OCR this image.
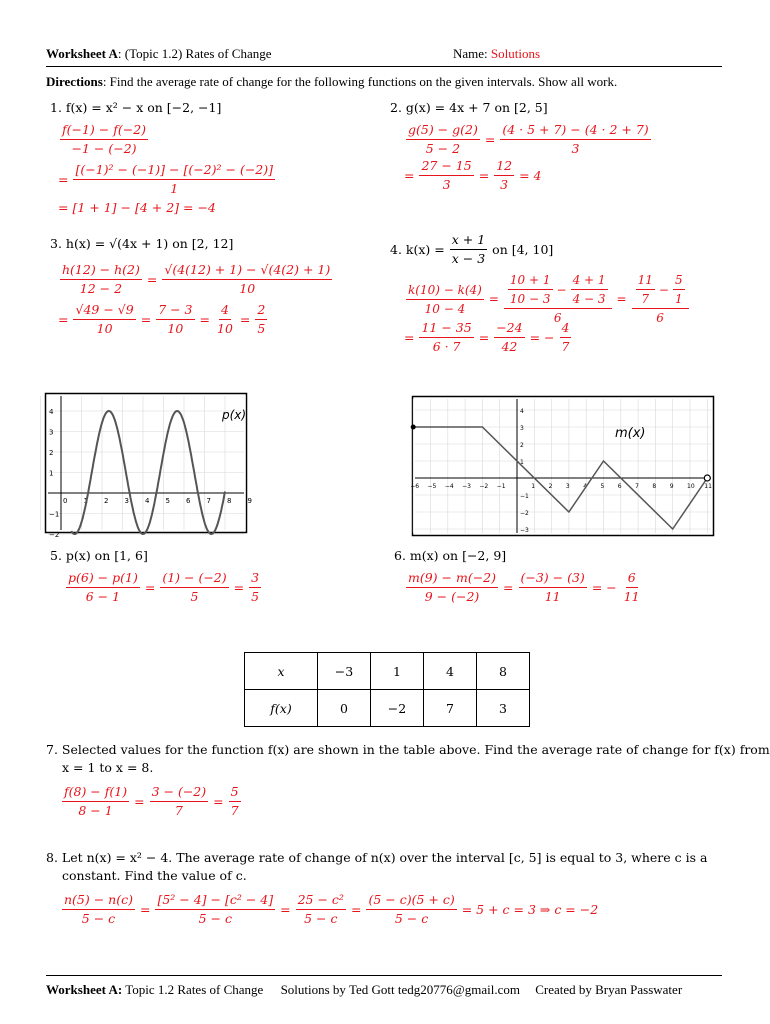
Worksheet A: (Topic 1.2) Rates of Change	Name: Solutions
Directions: Find the average rate of change for the following functions on the given intervals. Show all work.
1. f(x) = x² − x on [−2, −1]
$\frac{f(-1) - f(-2)}{-1 - (-2)}$
= $\frac{\text{[(−1)² − (−1)] − [(−2)² − (−2)]}}{1}$
= [1 + 1] − [4 + 2] = −4
2. g(x) = 4x + 7 on [2, 5]
$\frac{g(5) - g(2)}{5 - 2} = \frac{(4 \cdot 5 + 7) - (4 \cdot 2 + 7)}{3}$
= $\frac{27 - 15}{3} = \frac{12}{3} = 4$
3. h(x) = √(4x + 1) on [2, 12]
$\frac{h(12) - h(2)}{12 - 2} = \frac{√(4(12) + 1) - √(4(2) + 1)}{10}$
= $\frac{√49 - √9}{10} = \frac{7 - 3}{10} = \frac{4}{10} = \frac{2}{5}$
4. $k(x) = \frac{x + 1}{x - 3}$ on [4, 10]
$\frac{k(10) - k(4)}{10 - 4} = \frac{\frac{10 + 1}{10 - 3} - \frac{4 + 1}{4 - 3}}{6} = \frac{\frac{11}{7} - \frac{5}{1}}{6}$
= $\frac{11 - 35}{6 \cdot 7} = \frac{-24}{42}$ = − $\frac{4}{7}$
0 1 2 3 4 5 6 7 8 9
4
3
2
1
−1
−2
p(x)
−6 −5 −4 −3 −2 −1	1 2 3 4 5 6 7 8 9 10 11
4
3
2
1
−1
−2
−3
m(x)
5. p(x) on [1, 6]
$\frac{p(6) - p(1)}{6 - 1} = \frac{(1) - (-2)}{5} = \frac{3}{5}$
6. m(x) on [−2, 9]
$\frac{m(9) - m(-2)}{9 - (-2)} = \frac{(-3) - (3)}{11}$ = − $\frac{6}{11}$
x	−3	1	4	8
f(x)	0	−2	7	3
7. Selected values for the function f(x) are shown in the table above. Find the average rate of change for f(x) from
x = 1 to x = 8.
$\frac{f(8) - f(1)}{8 - 1} = \frac{3 - (-2)}{7} = \frac{5}{7}$
8. Let n(x) = x² − 4. The average rate of change of n(x) over the interval [c, 5] is equal to 3, where c is a
constant. Find the value of c.
$\frac{n(5) - n(c)}{5 - c} = \frac{\text{[5² − 4] − [c² − 4]}}{5 - c} = \frac{\text{25 − c²}}{5 - c} = \frac{(5 - c)(5 + c)}{5 - c} = 5 + c = 3$ ⇒ c = −2
Worksheet A: Topic 1.2 Rates of Change Solutions by Ted Gott tedg20776@gmail.com Created by Bryan Passwater
